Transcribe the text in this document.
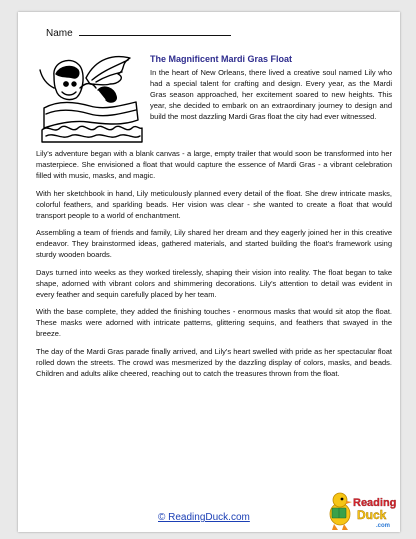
Name
The Magnificent Mardi Gras Float
In the heart of New Orleans, there lived a creative soul named Lily who had a special talent for crafting and design. Every year, as the Mardi Gras season approached, her excitement soared to new heights. This year, she decided to embark on an extraordinary journey to design and build the most dazzling Mardi Gras float the city had ever witnessed.

Lily's adventure began with a blank canvas - a large, empty trailer that would soon be transformed into her masterpiece. She envisioned a float that would capture the essence of Mardi Gras - a vibrant celebration filled with music, masks, and magic.

With her sketchbook in hand, Lily meticulously planned every detail of the float. She drew intricate masks, colorful feathers, and sparkling beads. Her vision was clear - she wanted to create a float that would transport people to a world of enchantment.

Assembling a team of friends and family, Lily shared her dream and they eagerly joined her in this creative endeavor. They brainstormed ideas, gathered materials, and started building the float's framework using sturdy wooden boards.

Days turned into weeks as they worked tirelessly, shaping their vision into reality. The float began to take shape, adorned with vibrant colors and shimmering decorations. Lily's attention to detail was evident in every feather and sequin carefully placed by her team.

With the base complete, they added the finishing touches - enormous masks that would sit atop the float. These masks were adorned with intricate patterns, glittering sequins, and feathers that swayed in the breeze.

The day of the Mardi Gras parade finally arrived, and Lily's heart swelled with pride as her spectacular float rolled down the streets. The crowd was mesmerized by the dazzling display of colors, masks, and beads. Children and adults alike cheered, reaching out to catch the treasures thrown from the float.

© ReadingDuck.com
Reading
Duck
.com
